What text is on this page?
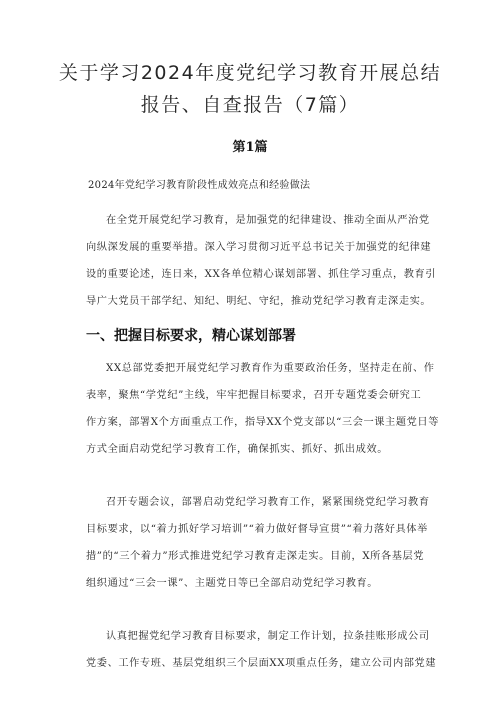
关于学习2024年度党纪学习教育开展总结
报告、自查报告（7篇）
第1篇
2024年党纪学习教育阶段性成效亮点和经验做法
在全党开展党纪学习教育，是加强党的纪律建设、推动全面从严治党
向纵深发展的重要举措。深入学习贯彻习近平总书记关于加强党的纪律建
设的重要论述，连日来，XX各单位精心谋划部署、抓住学习重点，教育引
导广大党员干部学纪、知纪、明纪、守纪，推动党纪学习教育走深走实。
一、把握目标要求，精心谋划部署
XX总部党委把开展党纪学习教育作为重要政治任务，坚持走在前、作
表率，聚焦“学党纪”主线，牢牢把握目标要求，召开专题党委会研究工
作方案，部署X个方面重点工作，指导XX个党支部以“三会一课主题党日等
方式全面启动党纪学习教育工作，确保抓实、抓好、抓出成效。
召开专题会议，部署启动党纪学习教育工作，紧紧围绕党纪学习教育
目标要求，以“着力抓好学习培训”“着力做好督导宣贯”“着力落好具体举
措”的“三个着力”形式推进党纪学习教育走深走实。目前，X所各基层党
组织通过“三会一课”、主题党日等已全部启动党纪学习教育。
认真把握党纪学习教育目标要求，制定工作计划，拉条挂账形成公司
党委、工作专班、基层党组织三个层面XX项重点任务，建立公司内部党建
